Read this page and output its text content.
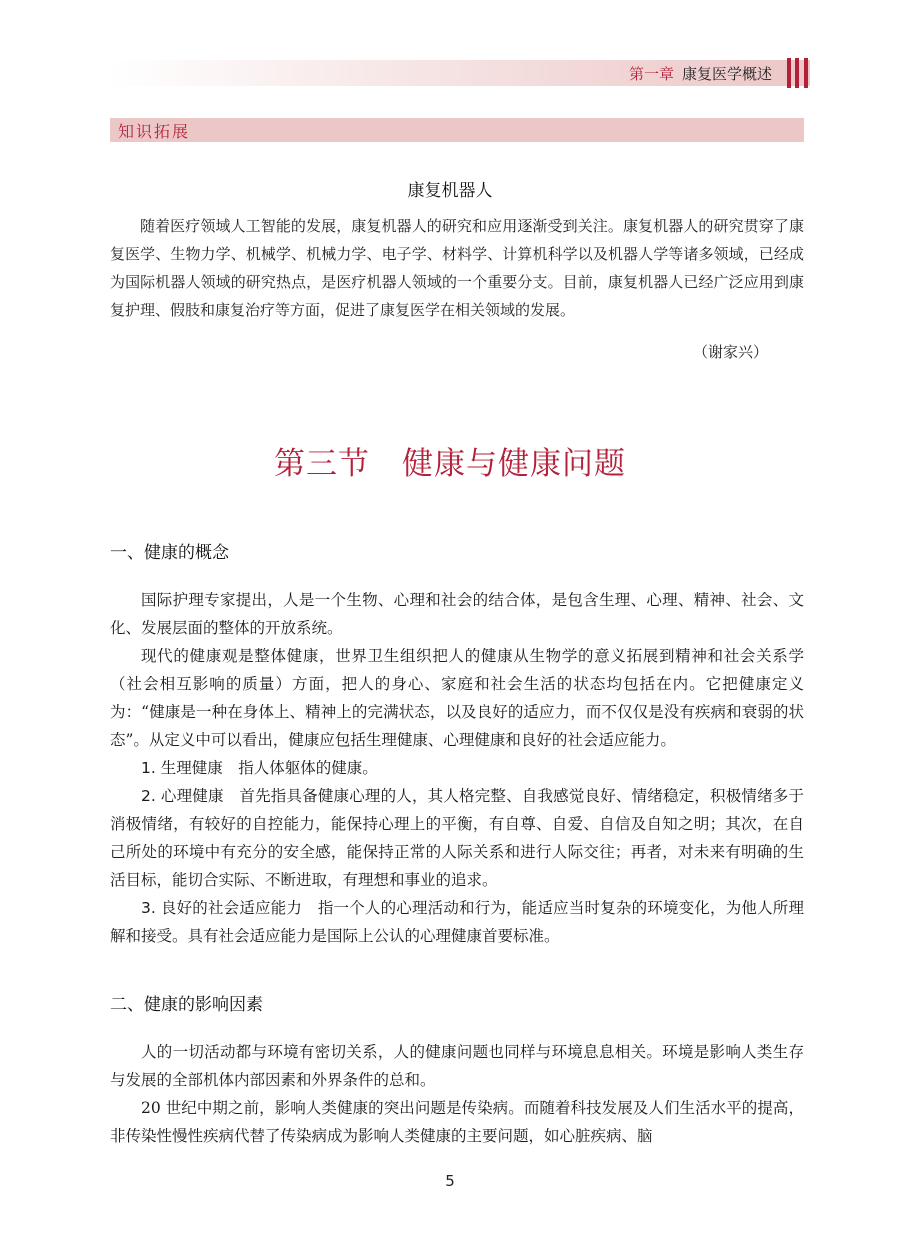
第一章 康复医学概述
知识拓展
康复机器人

随着医疗领域人工智能的发展，康复机器人的研究和应用逐渐受到关注。康复机器人的研究贯穿了康复医学、生物力学、机械学、机械力学、电子学、材料学、计算机科学以及机器人学等诸多领域，已经成为国际机器人领域的研究热点，是医疗机器人领域的一个重要分支。目前，康复机器人已经广泛应用到康复护理、假肢和康复治疗等方面，促进了康复医学在相关领域的发展。

（谢家兴）
第三节　健康与健康问题
一、健康的概念

国际护理专家提出，人是一个生物、心理和社会的结合体，是包含生理、心理、精神、社会、文化、发展层面的整体的开放系统。

现代的健康观是整体健康，世界卫生组织把人的健康从生物学的意义拓展到精神和社会关系学（社会相互影响的质量）方面，把人的身心、家庭和社会生活的状态均包括在内。它把健康定义为：“健康是一种在身体上、精神上的完满状态，以及良好的适应力，而不仅仅是没有疾病和衰弱的状态”。从定义中可以看出，健康应包括生理健康、心理健康和良好的社会适应能力。

1. 生理健康　 指人体躯体的健康。

2. 心理健康　 首先指具备健康心理的人，其人格完整、自我感觉良好、情绪稳定，积极情绪多于消极情绪，有较好的自控能力，能保持心理上的平衡，有自尊、自爱、自信及自知之明；其次，在自己所处的环境中有充分的安全感，能保持正常的人际关系和进行人际交往；再者，对未来有明确的生活目标，能切合实际、不断进取，有理想和事业的追求。

3. 良好的社会适应能力　 指一个人的心理活动和行为，能适应当时复杂的环境变化，为他人所理解和接受。具有社会适应能力是国际上公认的心理健康首要标准。

二、健康的影响因素

人的一切活动都与环境有密切关系，人的健康问题也同样与环境息息相关。环境是影响人类生存与发展的全部机体内部因素和外界条件的总和。

20 世纪中期之前，影响人类健康的突出问题是传染病。而随着科技发展及人们生活水平的提高，非传染性慢性疾病代替了传染病成为影响人类健康的主要问题，如心脏疾病、脑

5
